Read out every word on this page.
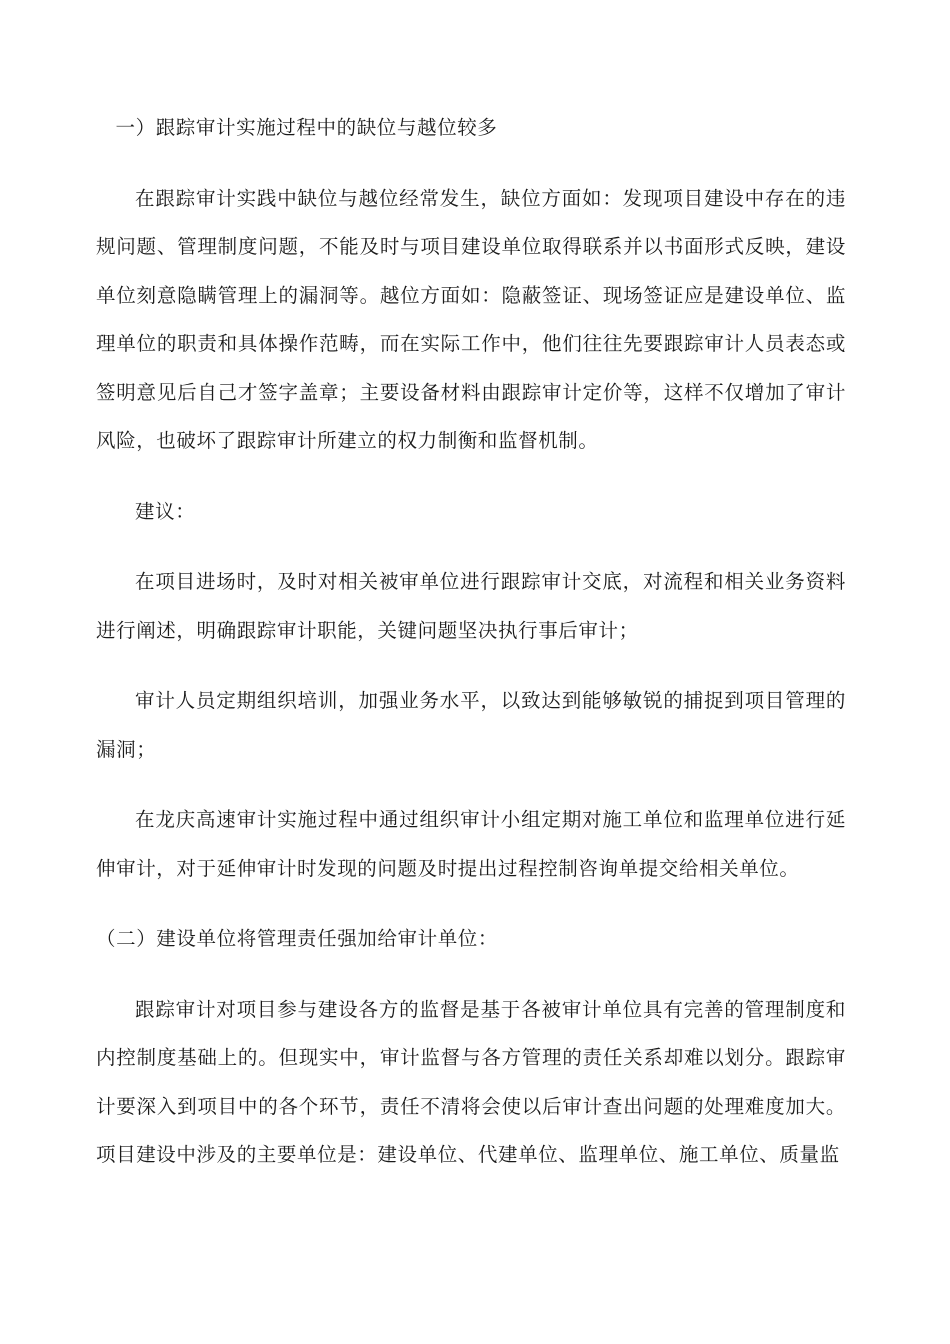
一）跟踪审计实施过程中的缺位与越位较多
在跟踪审计实践中缺位与越位经常发生，缺位方面如：发现项目建设中存在的违规问题、管理制度问题，不能及时与项目建设单位取得联系并以书面形式反映，建设单位刻意隐瞒管理上的漏洞等。越位方面如：隐蔽签证、现场签证应是建设单位、监理单位的职责和具体操作范畴，而在实际工作中，他们往往先要跟踪审计人员表态或签明意见后自己才签字盖章；主要设备材料由跟踪审计定价等，这样不仅增加了审计风险，也破坏了跟踪审计所建立的权力制衡和监督机制。
建议：
在项目进场时，及时对相关被审单位进行跟踪审计交底，对流程和相关业务资料进行阐述，明确跟踪审计职能，关键问题坚决执行事后审计；
审计人员定期组织培训，加强业务水平，以致达到能够敏锐的捕捉到项目管理的漏洞；
在龙庆高速审计实施过程中通过组织审计小组定期对施工单位和监理单位进行延伸审计，对于延伸审计时发现的问题及时提出过程控制咨询单提交给相关单位。
（二）建设单位将管理责任强加给审计单位：
跟踪审计对项目参与建设各方的监督是基于各被审计单位具有完善的管理制度和内控制度基础上的。但现实中，审计监督与各方管理的责任关系却难以划分。跟踪审计要深入到项目中的各个环节，责任不清将会使以后审计查出问题的处理难度加大。项目建设中涉及的主要单位是：建设单位、代建单位、监理单位、施工单位、质量监
